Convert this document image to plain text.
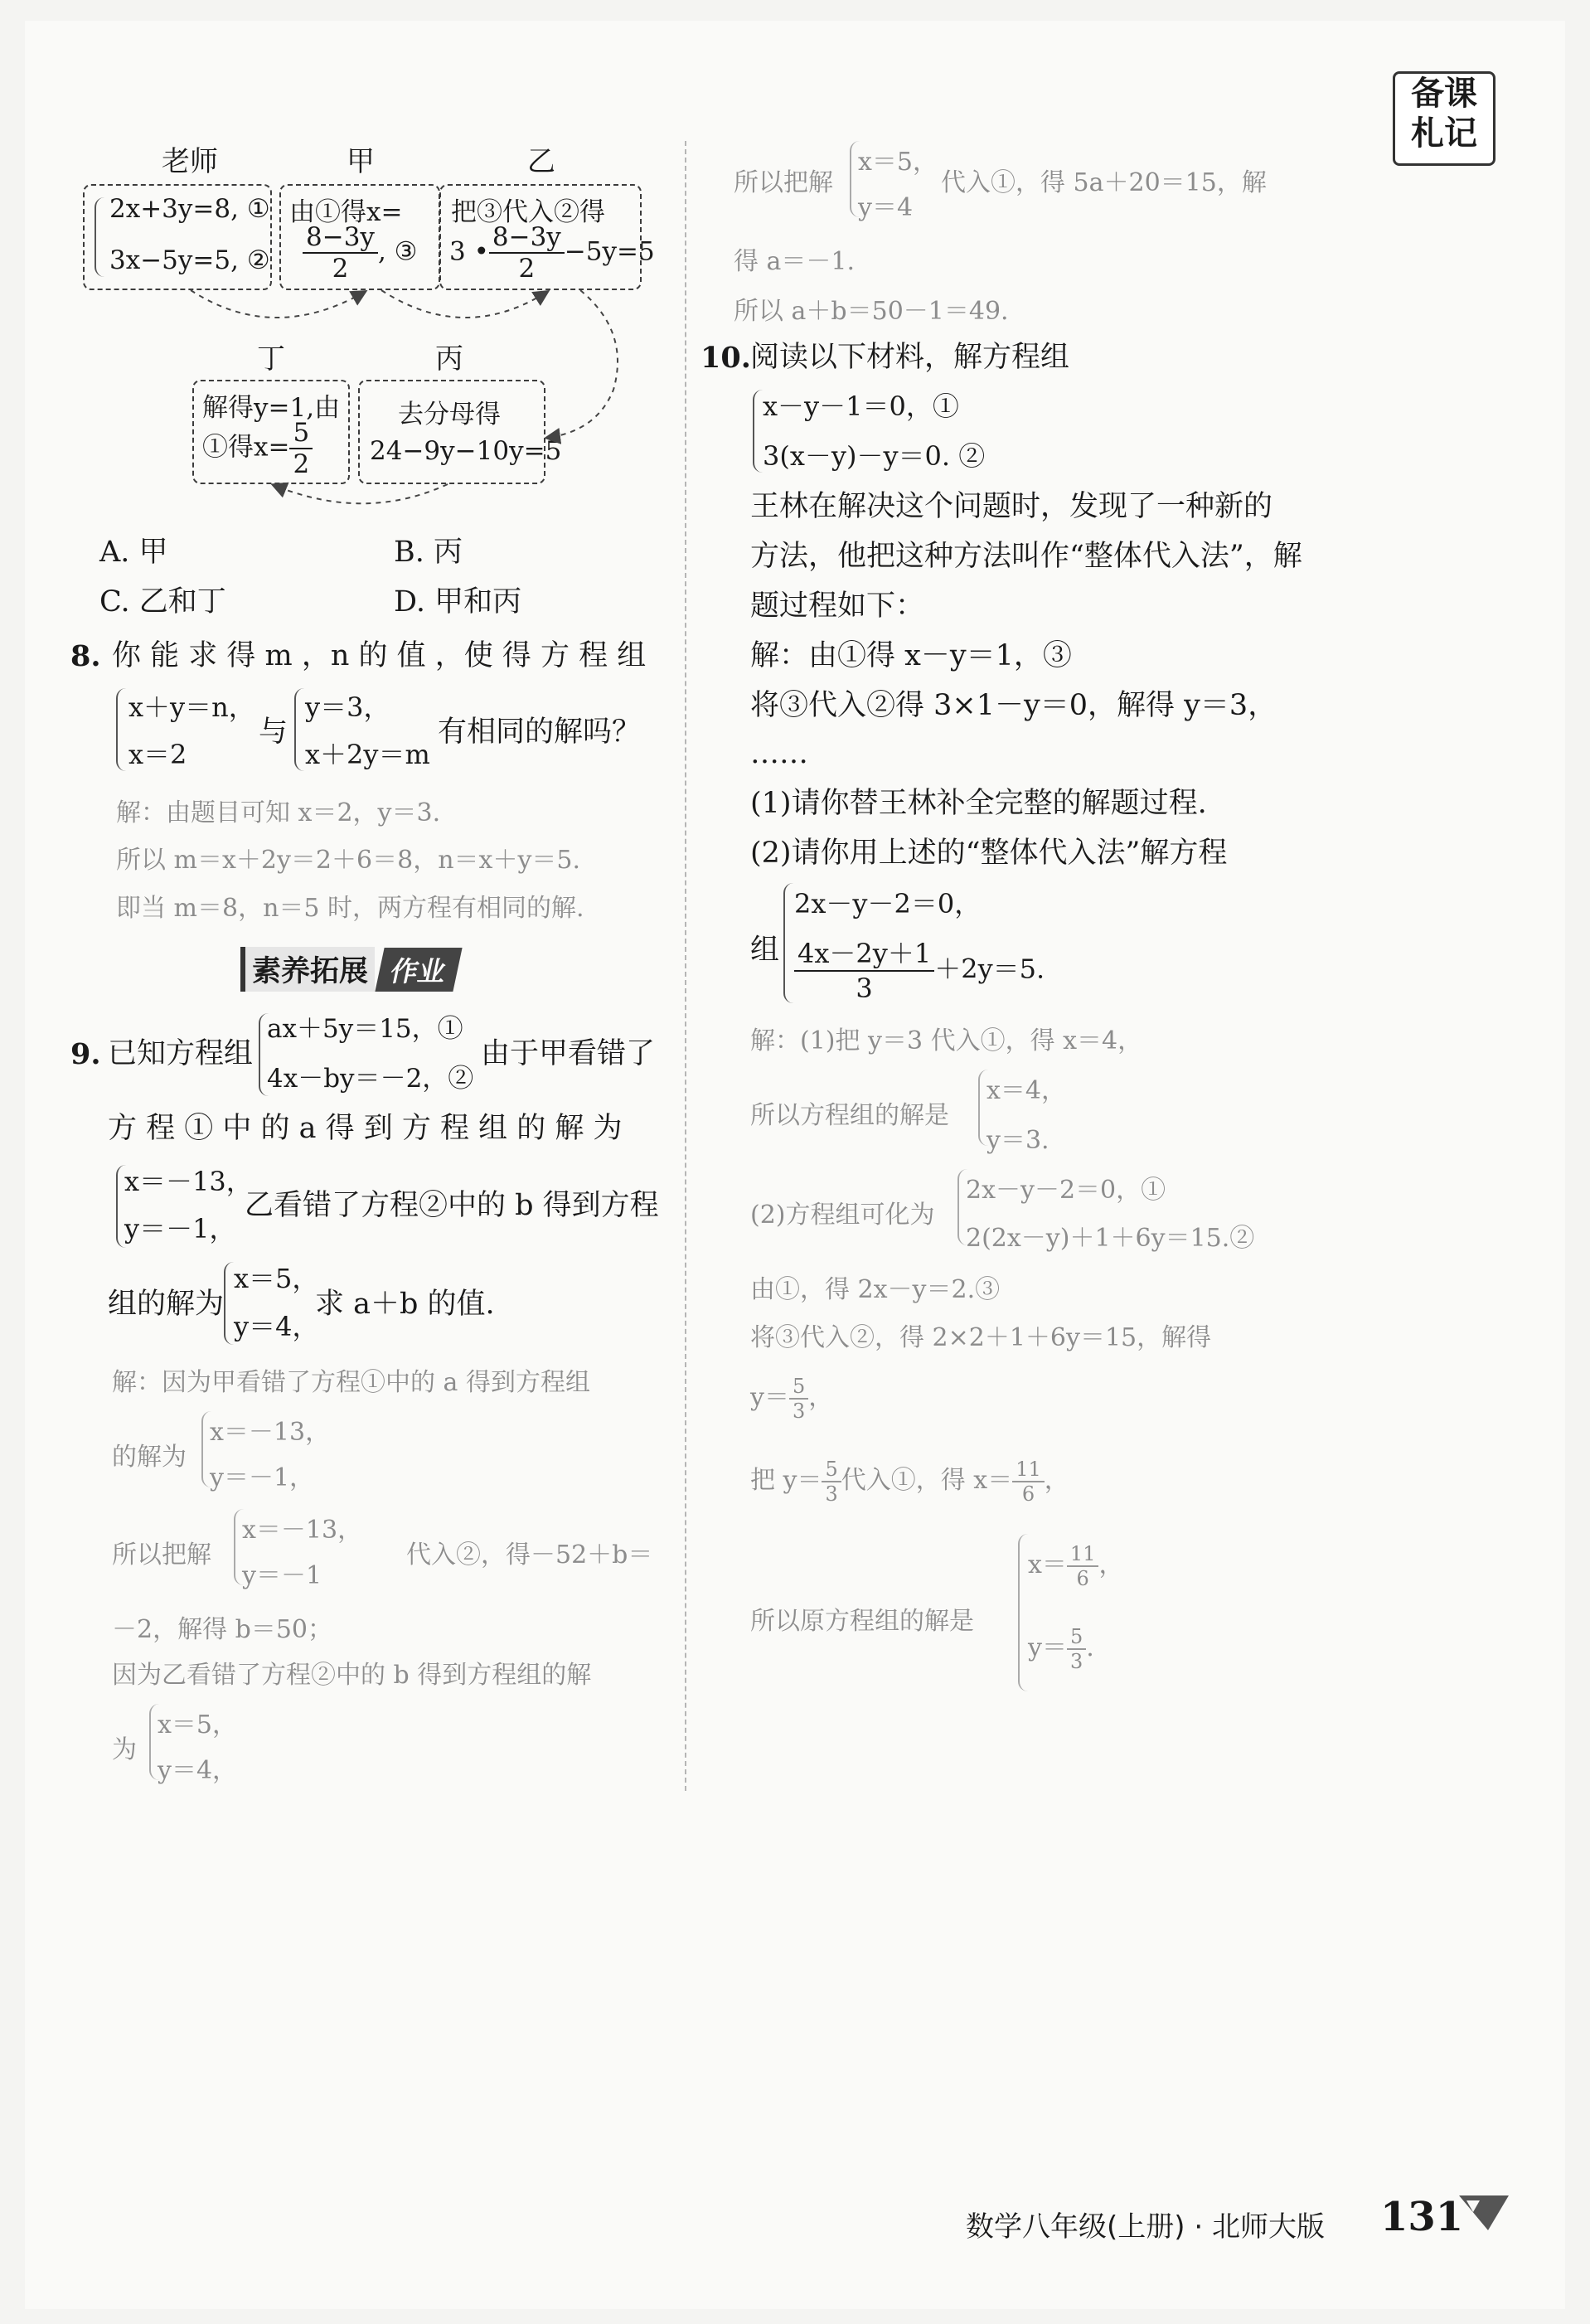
备课
札记
老师	甲	乙
2x+3y=8, ①
3x−5y=5, ②
由①得x=
$\frac{8-3y}{2}$ , ③
把③代入②得
3 • $\frac{8-3y}{2} -5y=5$
丁	丙
解得y=1,由
①得$x= \frac{5}{2}$
去分母得
24−9y−10y=5
A. 甲	B. 丙
C. 乙和丁	D. 甲和丙
8. 你 能 求 得 m ，n 的 值 ，使 得 方 程 组
x＋y＝n，
x＝2
与
y＝3，
x＋2y＝m
有相同的解吗？
解：由题目可知 x＝2，y＝3.
所以 m＝x＋2y＝2＋6＝8，n＝x＋y＝5.
即当 m＝8，n＝5 时，两方程有相同的解.
素养拓展 作业
9. 已知方程组
ax＋5y＝15，①
4x－by＝－2，②
由于甲看错了
方 程 ① 中 的 a 得 到 方 程 组 的 解 为
x＝－13，
y＝－1，
乙看错了方程②中的 b 得到方程
组的解为
x＝5，
y＝4，
求 a＋b 的值.
解：因为甲看错了方程①中的 a 得到方程组
的解为
x＝－13，
y＝－1，
所以把解
x＝－13，
y＝－1
代入②，得－52＋b＝
－2，解得 b＝50；
因为乙看错了方程②中的 b 得到方程组的解
为
x＝5，
y＝4，
所以把解
x＝5，
y＝4
代入①，得 5a＋20＝15，解
得 a＝－1.
所以 a＋b＝50－1＝49.
10. 阅读以下材料，解方程组
x－y－1＝0，①
3(x－y)－y＝0. ②
王林在解决这个问题时，发现了一种新的
方法，他把这种方法叫作“整体代入法”，解
题过程如下：
解：由①得 x－y＝1，③
将③代入②得 3×1－y＝0，解得 y＝3，
……
(1)请你替王林补全完整的解题过程.
(2)请你用上述的“整体代入法”解方程
组
2x－y－2＝0，
$\frac{4x-2y+1}{3} +2y=5$.
解：(1)把 y＝3 代入①，得 x＝4，
所以方程组的解是
x＝4，
y＝3.
(2)方程组可化为
2x－y－2＝0，①
2(2x－y)＋1＋6y＝15.②
由①，得 2x－y＝2.③
将③代入②，得 2×2＋1＋6y＝15，解得
$y= \frac{5}{3}$ ，
把 $y= \frac{5}{3}$ 代入①，得 $x= \frac{11}{6}$ ，
所以原方程组的解是
$x= \frac{11}{6}$ ，
$y= \frac{5}{3}$ .
数学八年级(上册) · 北师大版 131
